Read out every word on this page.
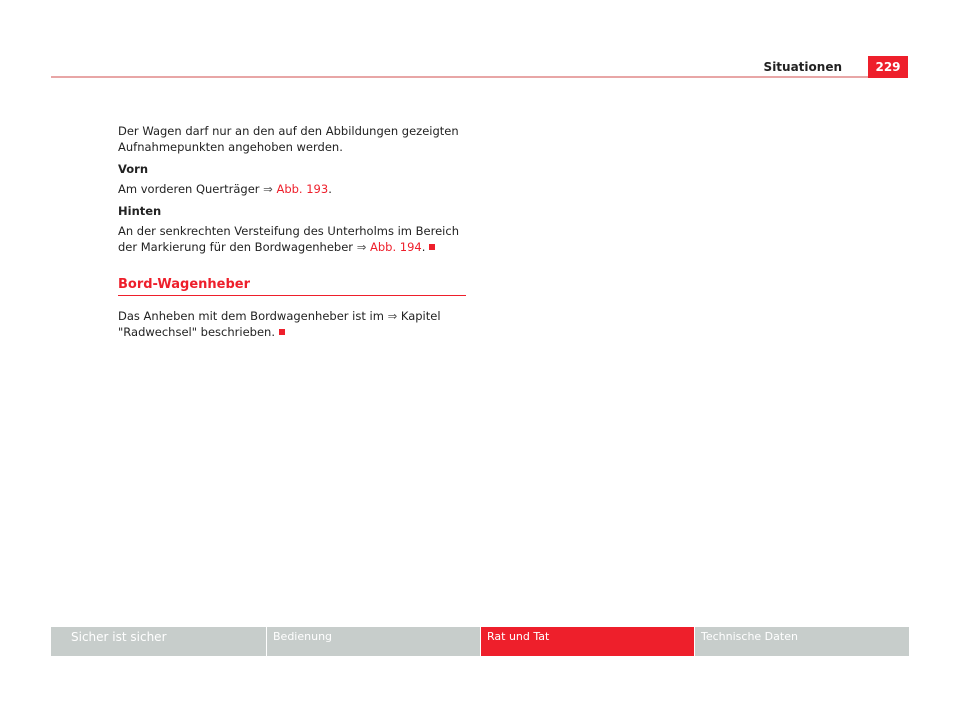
Situationen	229

Der Wagen darf nur an den auf den Abbildungen gezeigten Aufnahmepunkten angehoben werden.

Vorn

Am vorderen Querträger ⇒ Abb. 193.

Hinten

An der senkrechten Versteifung des Unterholms im Bereich der Markierung für den Bordwagenheber ⇒ Abb. 194.

Bord-Wagenheber

Das Anheben mit dem Bordwagenheber ist im ⇒ Kapitel "Radwechsel" beschrieben.

Sicher ist sicher	Bedienung	Rat und Tat	Technische Daten
